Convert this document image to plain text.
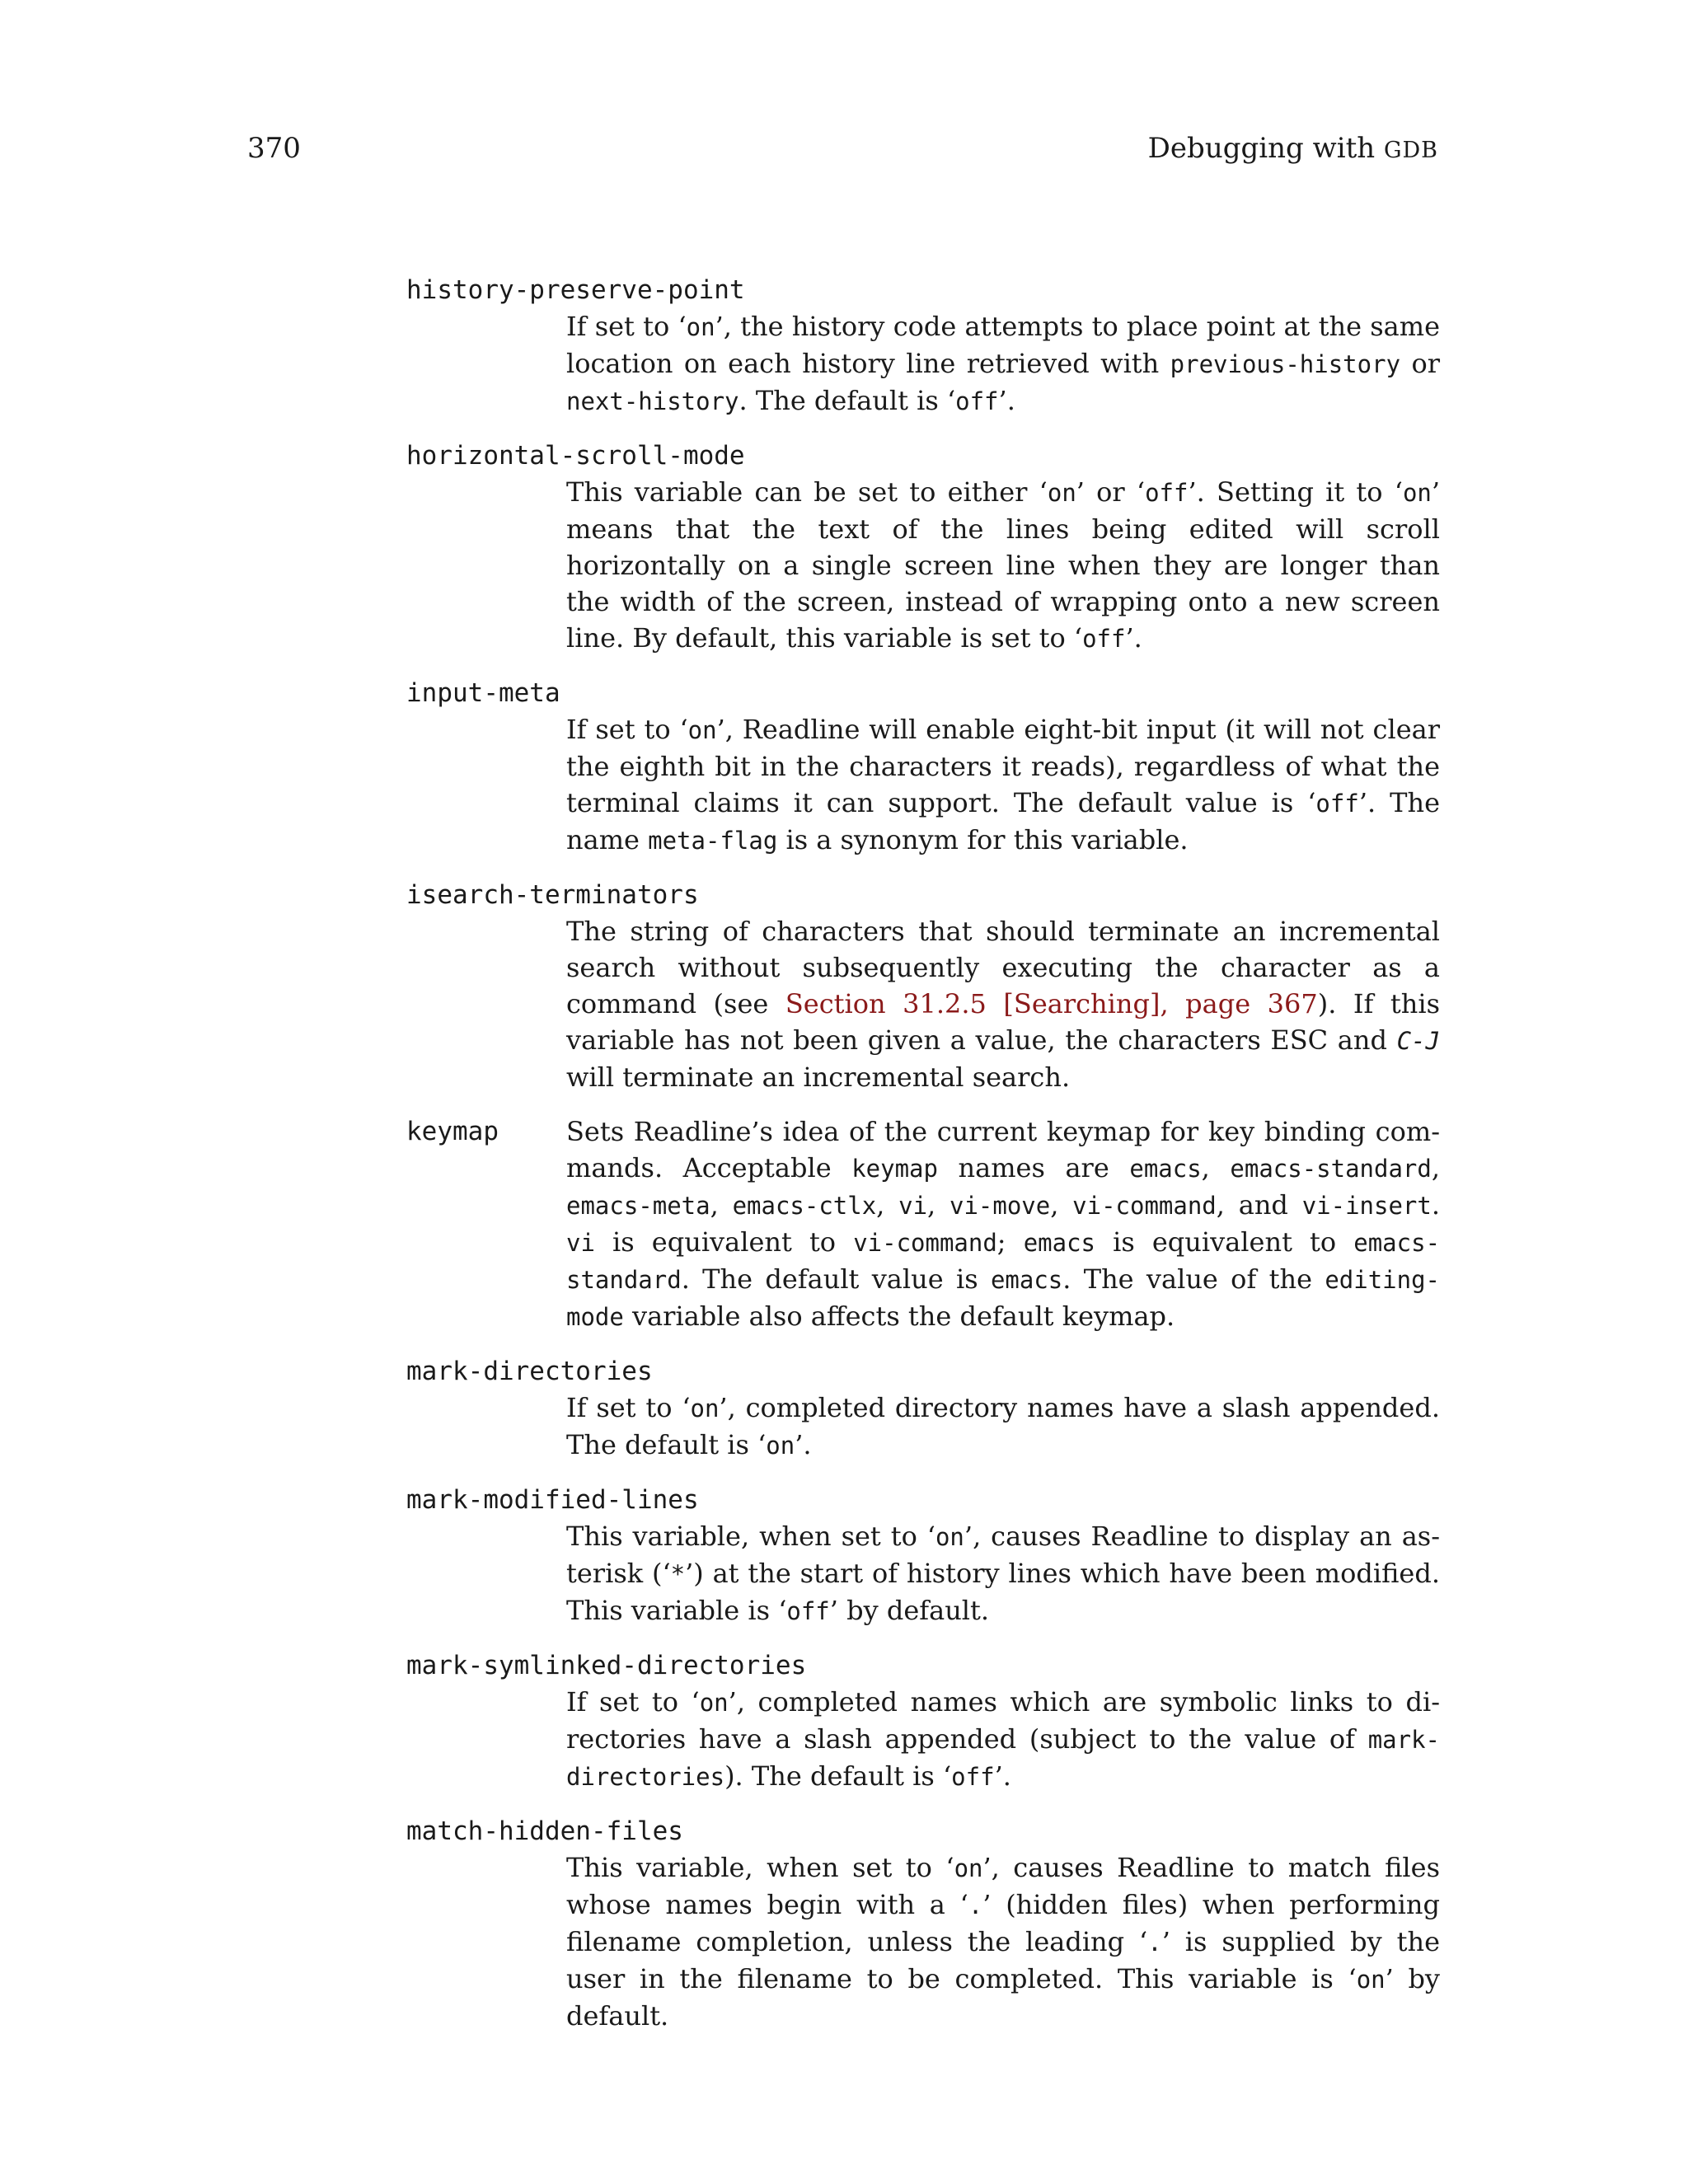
370	Debugging with GDB
history-preserve-point
If set to ‘on’, the history code attempts to place point at the same location on each history line retrieved with previous-history or next-history. The default is ‘off’.
horizontal-scroll-mode
This variable can be set to either ‘on’ or ‘off’. Setting it to ‘on’ means that the text of the lines being edited will scroll horizontally on a single screen line when they are longer than the width of the screen, instead of wrapping onto a new screen line. By default, this variable is set to ‘off’.
input-meta
If set to ‘on’, Readline will enable eight-bit input (it will not clear the eighth bit in the characters it reads), regardless of what the terminal claims it can support. The default value is ‘off’. The name meta-flag is a synonym for this variable.
isearch-terminators
The string of characters that should terminate an incremental search without subsequently executing the character as a command (see Section 31.2.5 [Searching], page 367). If this variable has not been given a value, the characters ESC and C-J will terminate an incremental search.
keymap	Sets Readline’s idea of the current keymap for key binding commands. Acceptable keymap names are emacs, emacs-standard, emacs-meta, emacs-ctlx, vi, vi-move, vi-command, and vi-insert. vi is equivalent to vi-command; emacs is equivalent to emacs-standard. The default value is emacs. The value of the editing-mode variable also affects the default keymap.
mark-directories
If set to ‘on’, completed directory names have a slash appended. The default is ‘on’.
mark-modified-lines
This variable, when set to ‘on’, causes Readline to display an asterisk (‘*’) at the start of history lines which have been modified. This variable is ‘off’ by default.
mark-symlinked-directories
If set to ‘on’, completed names which are symbolic links to directories have a slash appended (subject to the value of mark-​directories). The default is ‘off’.
match-hidden-files
This variable, when set to ‘on’, causes Readline to match files whose names begin with a ‘.’ (hidden files) when performing filename completion, unless the leading ‘.’ is supplied by the user in the filename to be completed. This variable is ‘on’ by default.
